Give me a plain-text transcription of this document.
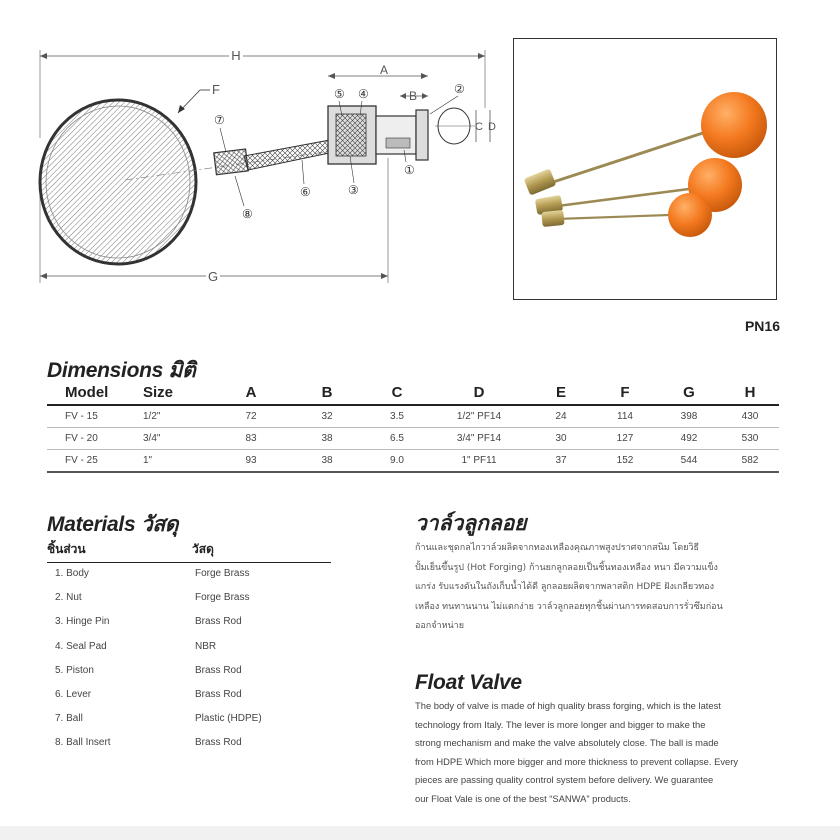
H
G
F
A
B
C D
①
②
③
④
⑤
⑥
⑦
⑧
PN16
Dimensions มิติ
Model	Size	A	B	C	D	E	F	G	H
FV - 15	1/2"	72	32	3.5	1/2" PF14	24	114	398	430
FV - 20	3/4"	83	38	6.5	3/4" PF14	30	127	492	530
FV - 25	1"	93	38	9.0	1" PF11	37	152	544	582
Materials วัสดุ
ชิ้นส่วน	วัสดุ
1. Body	Forge Brass
2. Nut	Forge Brass
3. Hinge Pin	Brass Rod
4. Seal Pad	NBR
5. Piston	Brass Rod
6. Lever	Brass Rod
7. Ball	Plastic (HDPE)
8. Ball Insert	Brass Rod
วาล์วลูกลอย
ก้านและชุดกลไกวาล์วผลิตจากทองเหลืองคุณภาพสูงปราศจากสนิม โดยวิธี
ปั้มเย็นขึ้นรูป (Hot Forging) ก้านยกลูกลอยเป็นชิ้นทองเหลือง หนา มีความแข็ง
แกร่ง รับแรงดันในถังเก็บน้ำได้ดี ลูกลอยผลิตจากพลาสติก HDPE ฝังเกลียวทอง
เหลือง ทนทานนาน ไม่แตกง่าย วาล์วลูกลอยทุกชิ้นผ่านการทดสอบการรั่วซึมก่อน
ออกจำหน่าย
Float Valve
The body of valve is made of high quality brass forging, which is the latest
technology from Italy. The lever is more longer and bigger to make the
strong mechanism and make the valve absolutely close. The ball is made
from HDPE Which more bigger and more thickness to prevent collapse. Every
pieces are passing quality control system before delivery. We guarantee
our Float Vale is one of the best “SANWA” products.
